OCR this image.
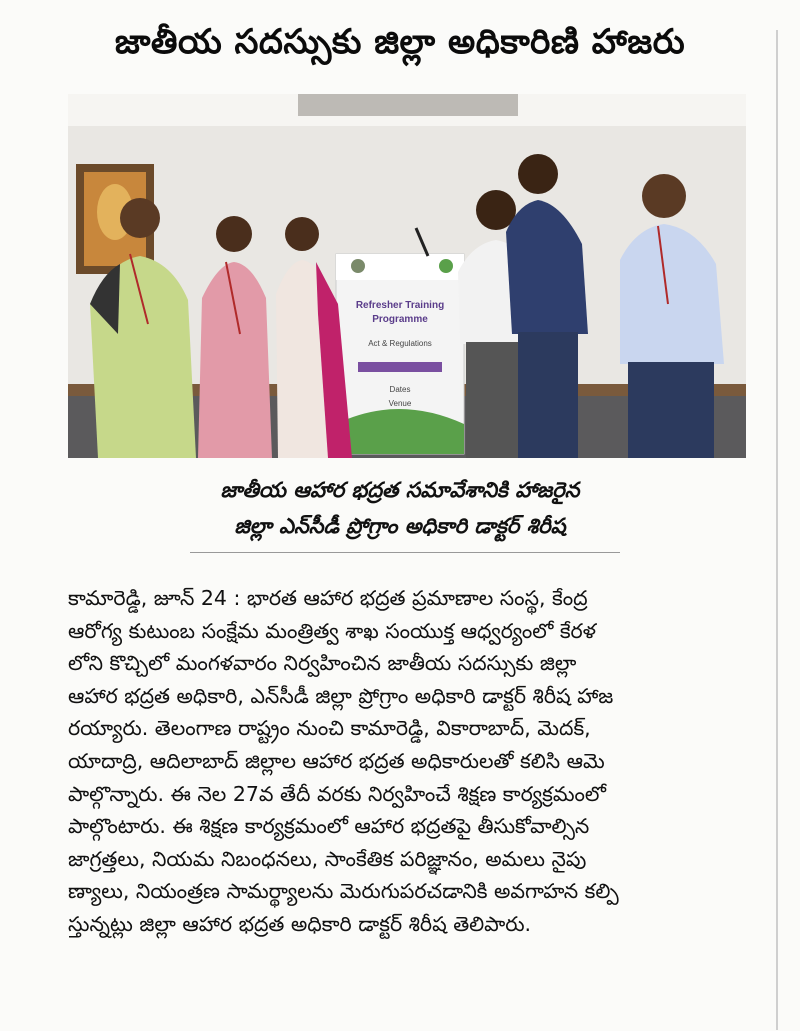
జాతీయ సదస్సుకు జిల్లా అధికారిణి హాజరు
Refresher Training
Programme
Act & Regulations
Dates
Venue
జాతీయ ఆహార భద్రత సమావేశానికి హాజరైన
జిల్లా ఎన్‌సీడీ ప్రోగ్రాం అధికారి డాక్టర్ శిరీష
కామారెడ్డి, జూన్ 24 : భారత ఆహార భద్రత ప్రమాణాల సంస్థ, కేంద్ర
ఆరోగ్య కుటుంబ సంక్షేమ మంత్రిత్వ శాఖ సంయుక్త ఆధ్వర్యంలో కేరళ
లోని కొచ్చిలో మంగళవారం నిర్వహించిన జాతీయ సదస్సుకు జిల్లా
ఆహార భద్రత అధికారి, ఎన్‌సీడీ జిల్లా ప్రోగ్రాం అధికారి డాక్టర్ శిరీష హాజ
రయ్యారు. తెలంగాణ రాష్ట్రం నుంచి కామారెడ్డి, వికారాబాద్, మెదక్,
యాదాద్రి, ఆదిలాబాద్ జిల్లాల ఆహార భద్రత అధికారులతో కలిసి ఆమె
పాల్గొన్నారు. ఈ నెల 27వ తేదీ వరకు నిర్వహించే శిక్షణ కార్యక్రమంలో
పాల్గొంటారు. ఈ శిక్షణ కార్యక్రమంలో ఆహార భద్రతపై తీసుకోవాల్సిన
జాగ్రత్తలు, నియమ నిబంధనలు, సాంకేతిక పరిజ్ఞానం, అమలు నైపు
ణ్యాలు, నియంత్రణ సామర్థ్యాలను మెరుగుపరచడానికి అవగాహన కల్పి
స్తున్నట్లు జిల్లా ఆహార భద్రత అధికారి డాక్టర్ శిరీష తెలిపారు.
